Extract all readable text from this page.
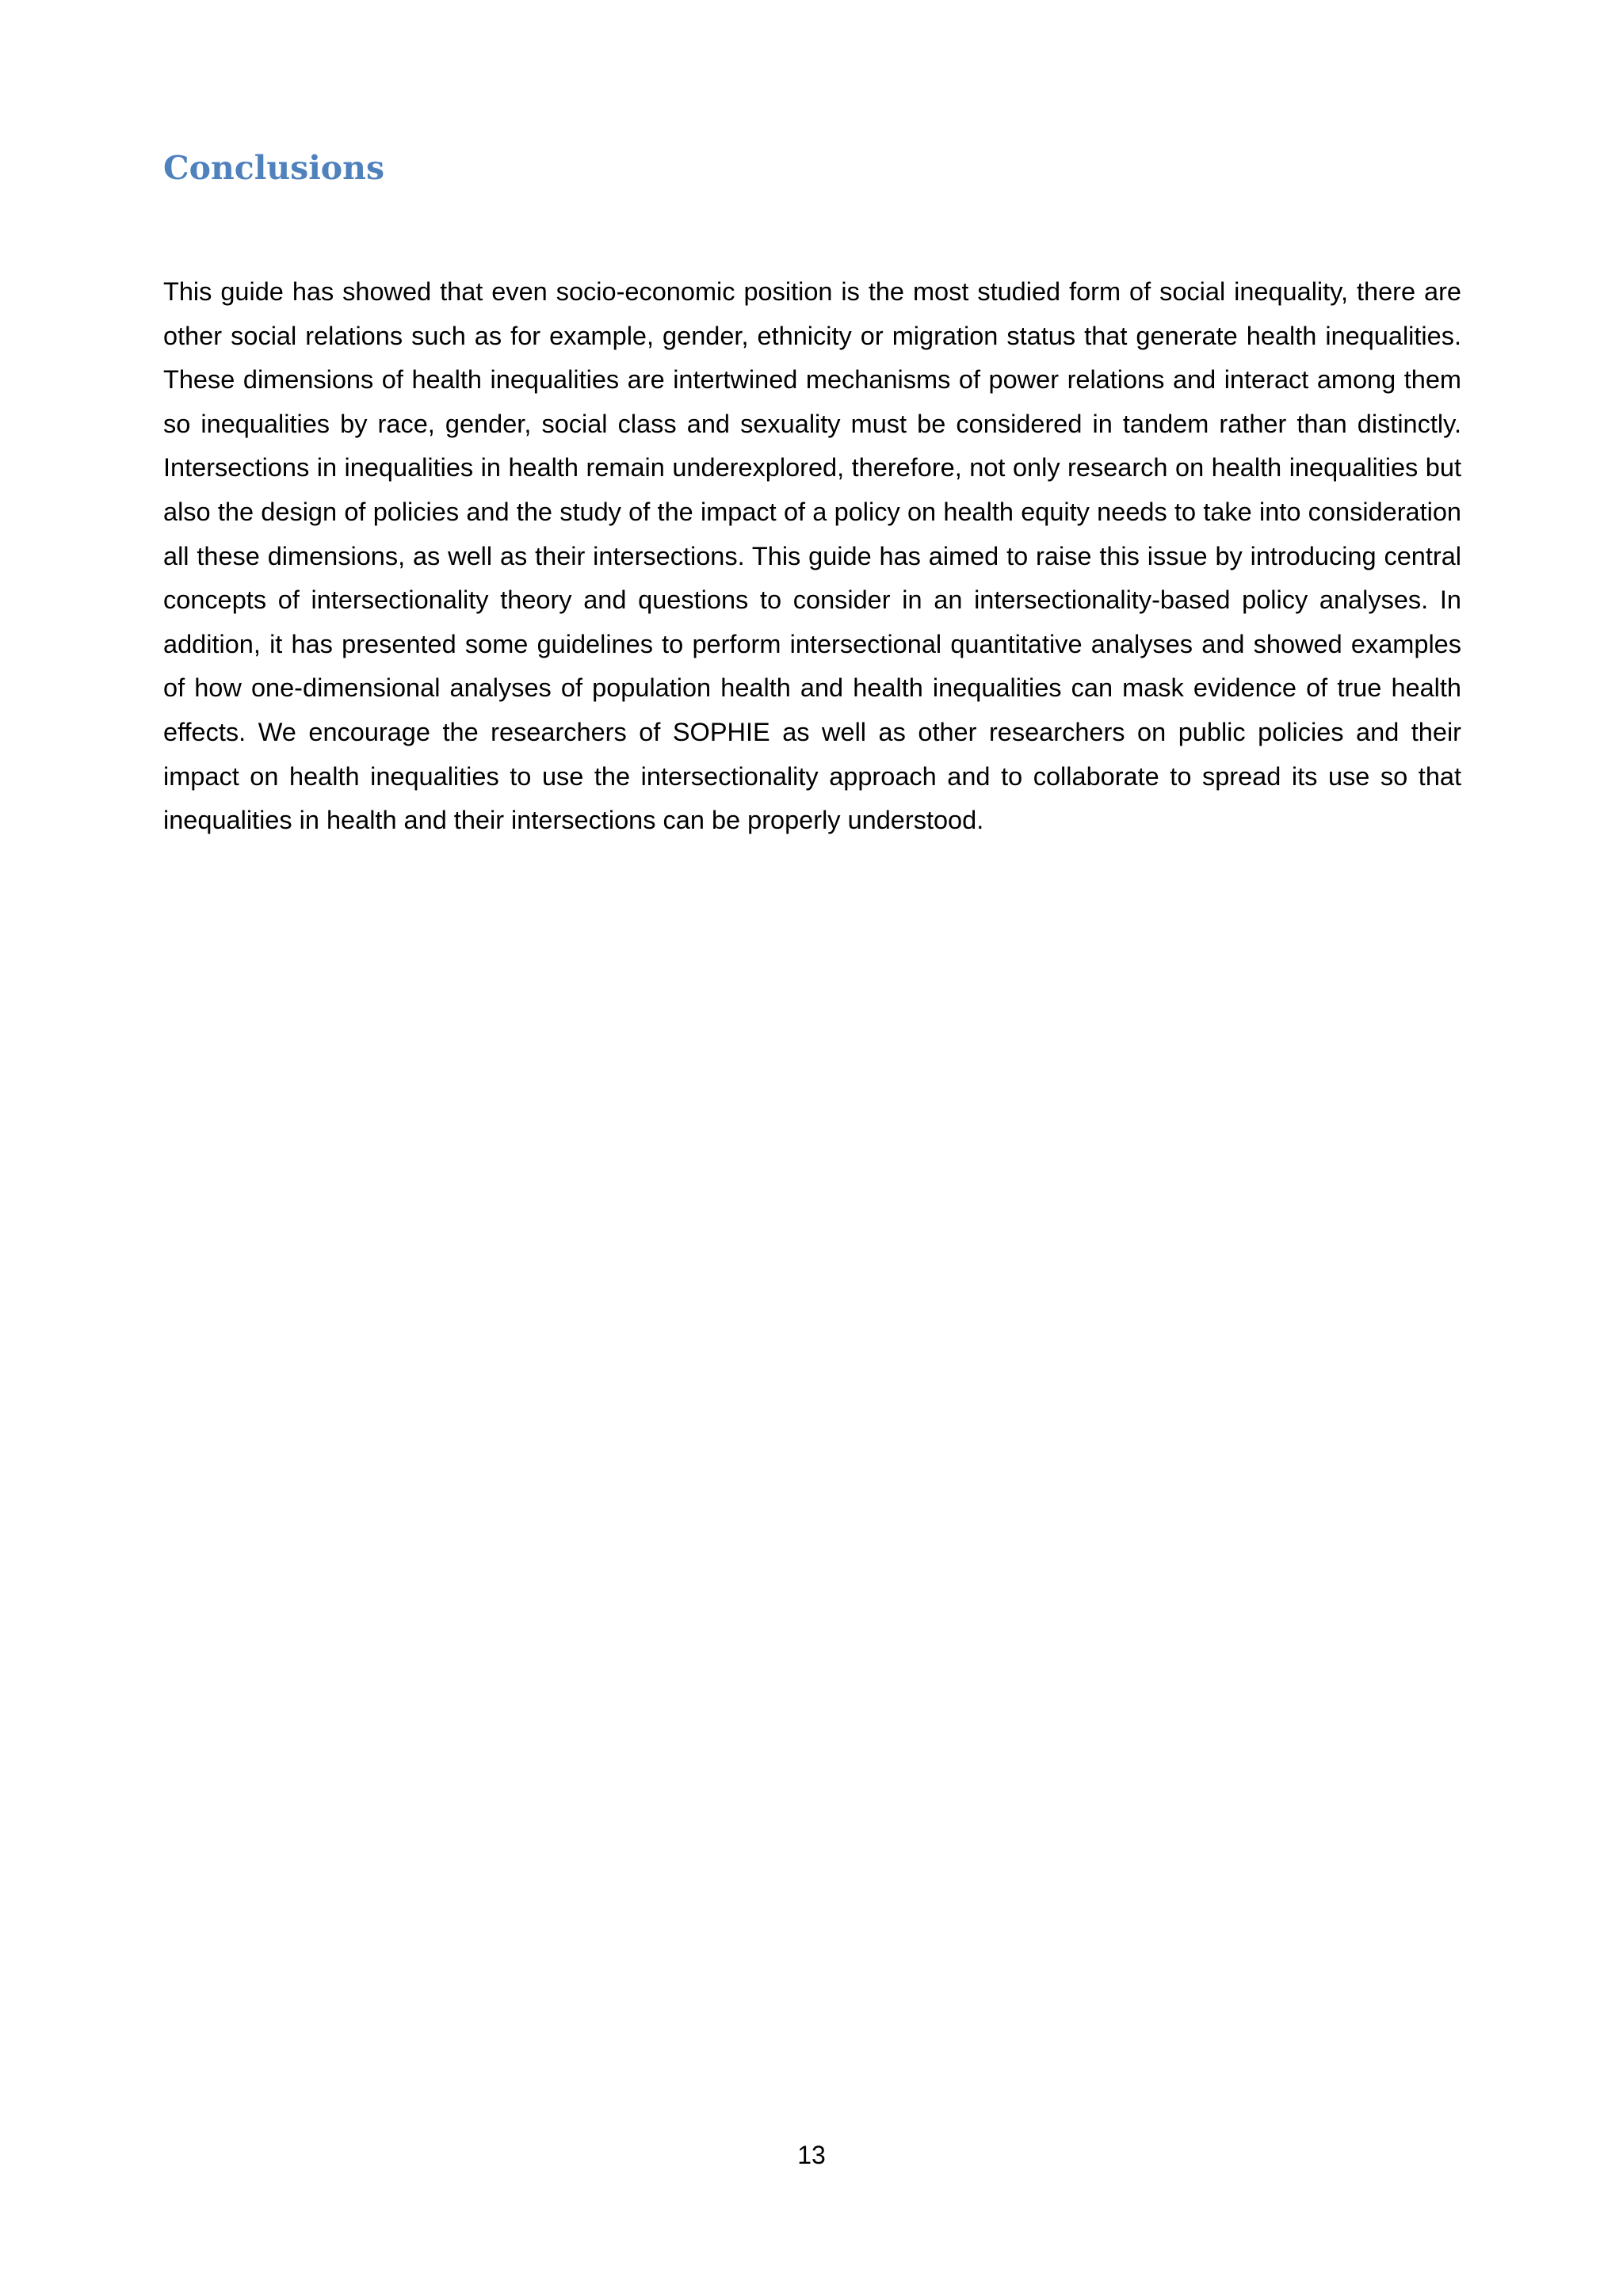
Conclusions

This guide has showed that even socio-economic position is the most studied form of social inequality, there are other social relations such as for example, gender, ethnicity or migration status that generate health inequalities. These dimensions of health inequalities are intertwined mechanisms of power relations and interact among them so inequalities by race, gender, social class and sexuality must be considered in tandem rather than distinctly. Intersections in inequalities in health remain underexplored, therefore, not only research on health inequalities but also the design of policies and the study of the impact of a policy on health equity needs to take into consideration all these dimensions, as well as their intersections. This guide has aimed to raise this issue by introducing central concepts of intersectionality theory and questions to consider in an intersectionality-based policy analyses. In addition, it has presented some guidelines to perform intersectional quantitative analyses and showed examples of how one-dimensional analyses of population health and health inequalities can mask evidence of true health effects. We encourage the researchers of SOPHIE as well as other researchers on public policies and their impact on health inequalities to use the intersectionality approach and to collaborate to spread its use so that inequalities in health and their intersections can be properly understood.

13
